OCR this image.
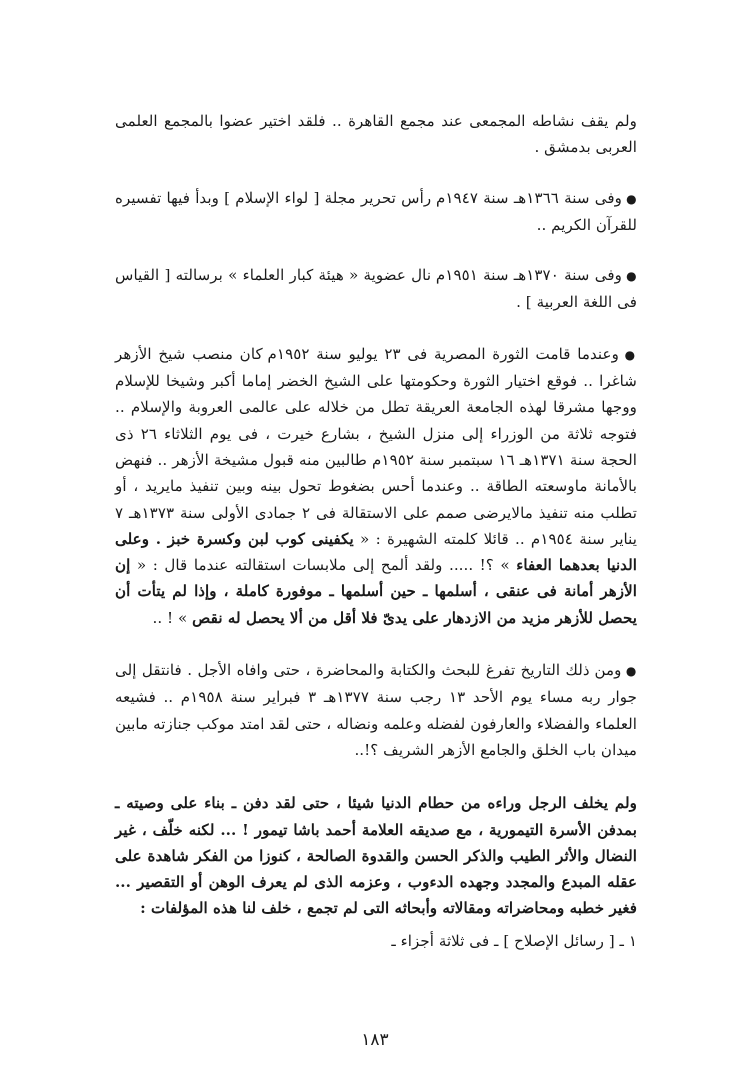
ولم يقف نشاطه المجمعى عند مجمع القاهرة .. فلقد اختير عضوا بالمجمع العلمى العربى بدمشق .

● وفى سنة ١٣٦٦هـ سنة ١٩٤٧م رأس تحرير مجلة [ لواء الإسلام ] وبدأ فيها تفسيره للقرآن الكريم ..

● وفى سنة ١٣٧٠هـ سنة ١٩٥١م نال عضوية « هيئة كبار العلماء » برسالته [ القياس فى اللغة العربية ] .

● وعندما قامت الثورة المصرية فى ٢٣ يوليو سنة ١٩٥٢م كان منصب شيخ الأزهر شاغرا .. فوقع اختيار الثورة وحكومتها على الشيخ الخضر إماما أكبر وشيخا للإسلام ووجها مشرقا لهذه الجامعة العريقة تطل من خلاله على عالمى العروبة والإسلام .. فتوجه ثلاثة من الوزراء إلى منزل الشيخ ، بشارع خيرت ، فى يوم الثلاثاء ٢٦ ذى الحجة سنة ١٣٧١هـ ١٦ سبتمبر سنة ١٩٥٢م طالبين منه قبول مشيخة الأزهر .. فنهض بالأمانة ماوسعته الطاقة .. وعندما أحس بضغوط تحول بينه وبين تنفيذ مايريد ، أو تطلب منه تنفيذ مالايرضى صمم على الاستقالة فى ٢ جمادى الأولى سنة ١٣٧٣هـ ٧ يناير سنة ١٩٥٤م .. قائلا كلمته الشهيرة : « يكفينى كوب لبن وكسرة خبز . وعلى الدنيا بعدهما العفاء » ؟! ..... ولقد ألمح إلى ملابسات استقالته عندما قال : « إن الأزهر أمانة فى عنقى ، أسلمها ـ حين أسلمها ـ موفورة كاملة ، وإذا لم يتأت أن يحصل للأزهر مزيد من الازدهار على يدىّ فلا أقل من ألا يحصل له نقص » ! ..

● ومن ذلك التاريخ تفرغ للبحث والكتابة والمحاضرة ، حتى وافاه الأجل . فانتقل إلى جوار ربه مساء يوم الأحد ١٣ رجب سنة ١٣٧٧هـ ٣ فبراير سنة ١٩٥٨م .. فشيعه العلماء والفضلاء والعارفون لفضله وعلمه ونضاله ، حتى لقد امتد موكب جنازته مابين ميدان باب الخلق والجامع الأزهر الشريف ؟!..

ولم يخلف الرجل وراءه من حطام الدنيا شيئا ، حتى لقد دفن ـ بناء على وصيته ـ بمدفن الأسرة التيمورية ، مع صديقه العلامة أحمد باشا تيمور ! ... لكنه خلّف ، غير النضال والأثر الطيب والذكر الحسن والقدوة الصالحة ، كنوزا من الفكر شاهدة على عقله المبدع والمجدد وجهده الدءوب ، وعزمه الذى لم يعرف الوهن أو التقصير ... فغير خطبه ومحاضراته ومقالاته وأبحاثه التى لم تجمع ، خلف لنا هذه المؤلفات :

١ ـ [ رسائل الإصلاح ] ـ فى ثلاثة أجزاء ـ

١٨٣
